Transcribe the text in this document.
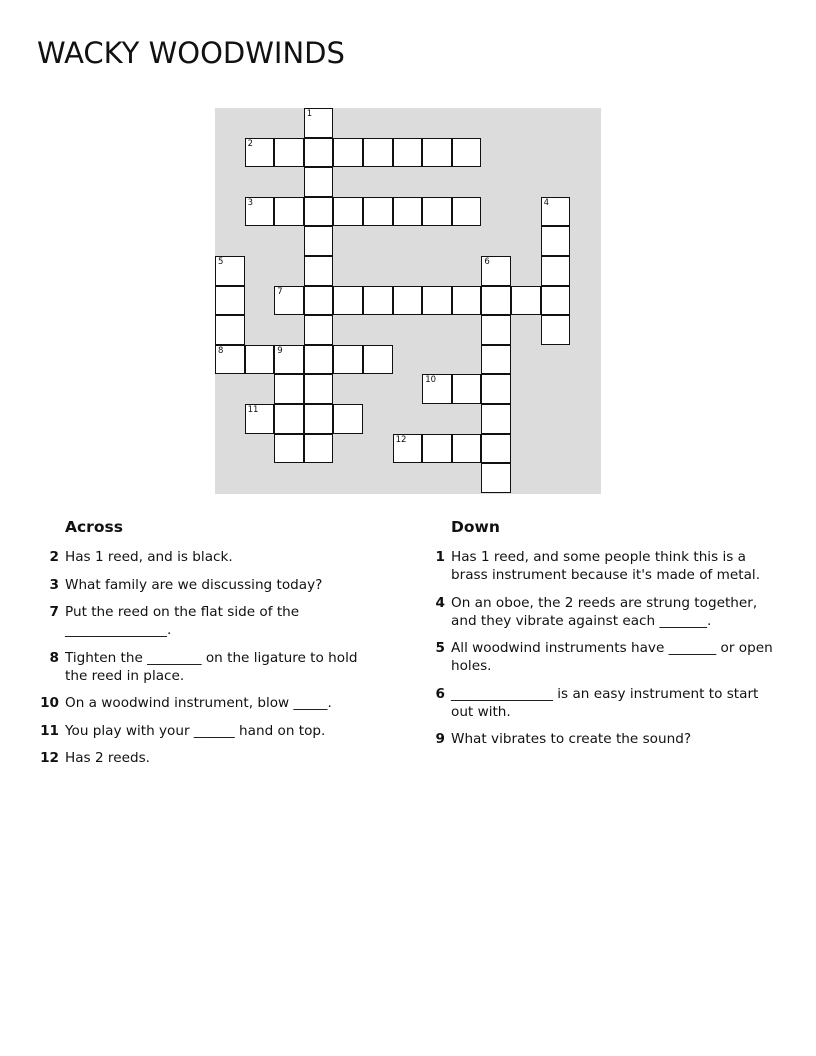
WACKY WOODWINDS
1
2
3	4
5
8
6
7
9
10
11
12
Across
2 Has 1 reed, and is black.
3 What family are we discussing today?
7 Put the reed on the flat side of the _______________.
8 Tighten the ________ on the ligature to hold the reed in place.
10 On a woodwind instrument, blow _____.
11 You play with your ______ hand on top.
12 Has 2 reeds.
Down
1 Has 1 reed, and some people think this is a brass instrument because it's made of metal.
4 On an oboe, the 2 reeds are strung together, and they vibrate against each _______.
5 All woodwind instruments have _______ or open holes.
6 _______________ is an easy instrument to start out with.
9 What vibrates to create the sound?
